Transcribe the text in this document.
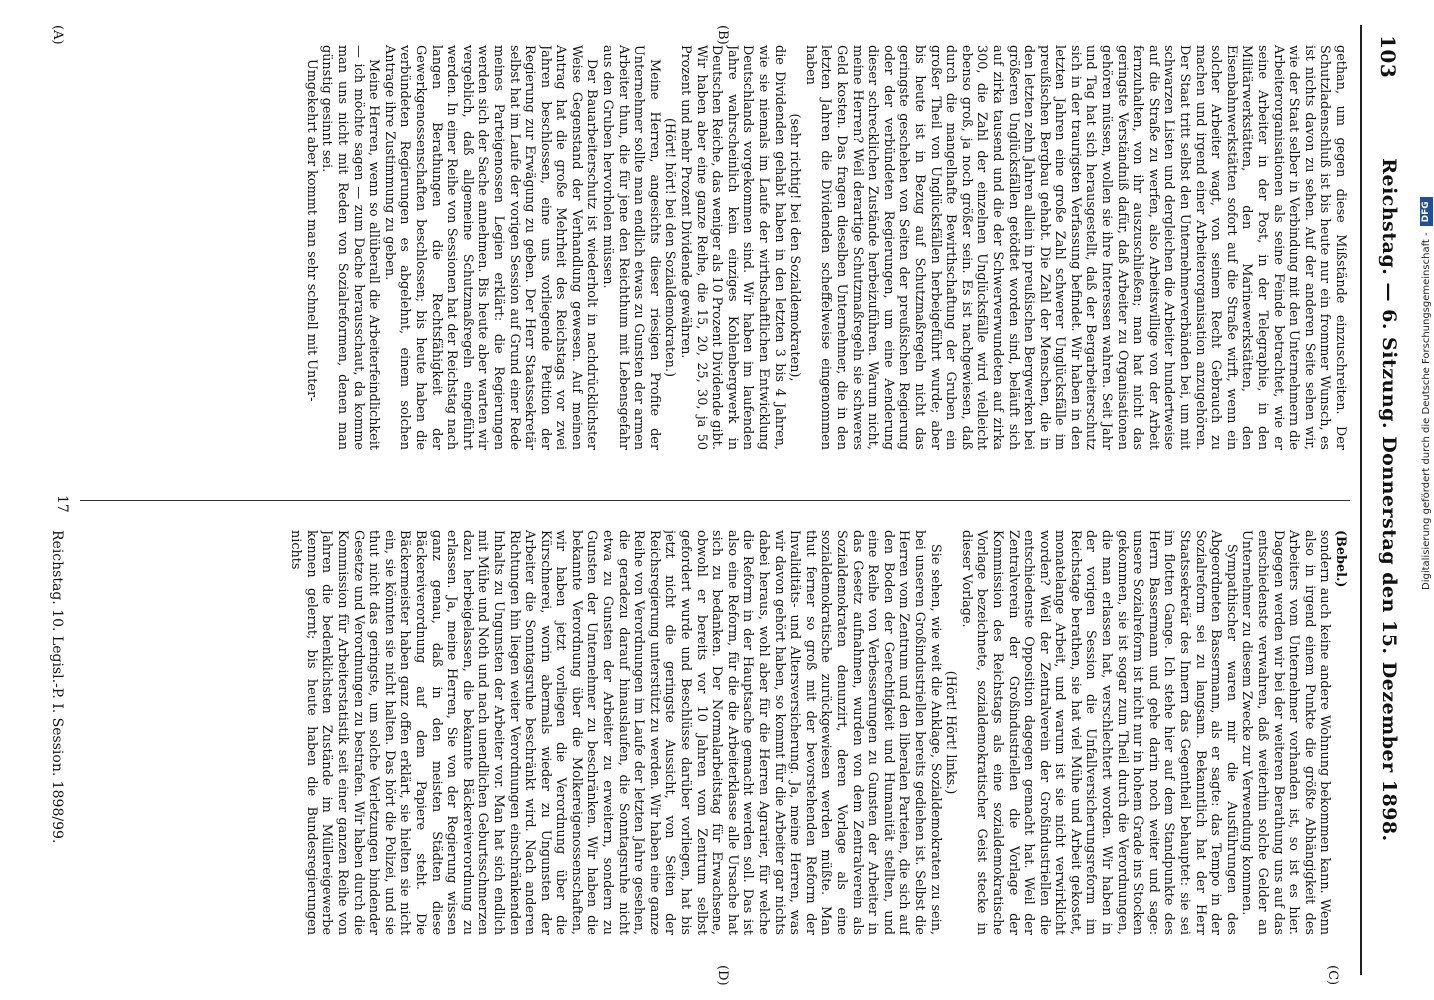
Digitalisierung gefördert durch die Deutsche Forschungsgemeinschaft -
DFG
103
Reichstag. — 6. Sitzung. Donnerstag den 15. Dezember 1898.
(C)
(D)
(A)	(B)

gethan, um gegen diese Mißstände einzuschreiten. Der Schutzladenschluß ist bis heute nur ein frommer Wunsch, es ist nichts davon zu sehen. Auf der anderen Seite sehen wir, wie der Staat selber in Verbindung mit den Unternehmern die Arbeiterorganisationen als seine Feinde betrachtet, wie er seine Arbeiter in der Post, in der Telegraphie, in den Militärwerkstätten, den Marinewerkstätten, den Eisenbahnwerkstätten sofort auf die Straße wirft, wenn ein solcher Arbeiter wagt, von seinem Recht Gebrauch zu machen und irgend einer Arbeiterorganisation anzugehören. Der Staat tritt selbst den Unternehmerverbänden bei, um mit schwarzen Listen und dergleichen die Arbeiter hundertweise auf die Straße zu werfen, also Arbeitswillige von der Arbeit fernzuhalten, von ihr auszuschließen; man hat nicht das geringste Verständniß dafür, daß Arbeiter zu Organisationen gehören müssen, wollen sie ihre Interessen wahren. Seit Jahr und Tag hat sich herausgestellt, daß der Bergarbeiterschutz sich in der traurigsten Verfassung befindet. Wir haben in den letzten Jahren eine große Zahl schwerer Unglücksfälle im preußischen Bergbau gehabt. Die Zahl der Menschen, die in den letzten zehn Jahren allein in preußischen Bergwerken bei größeren Unglücksfällen getödtet worden sind, beläuft sich auf zirka tausend und die der Schwerverwundeten auf zirka 300, die Zahl der einzelnen Unglücksfälle wird vielleicht ebenso groß, ja noch größer sein. Es ist nachgewiesen, daß durch die mangelhafte Bewirthschaftung der Gruben ein großer Theil von Unglücksfällen herbeigeführt wurde; aber bis heute ist in Bezug auf Schutzmaßregeln nicht das geringste geschehen von Seiten der preußischen Regierung oder der verbündeten Regierungen, um eine Aenderung dieser schrecklichen Zustände herbeizuführen. Warum nicht, meine Herren? Weil derartige Schutzmaßregeln sie schweres Geld kosten. Das fragen dieselben Unternehmer, die in den letzten Jahren die Dividenden scheffelweise eingenommen haben

(sehr richtig! bei den Sozialdemokraten),

die Dividenden gehabt haben in den letzten 3 bis 4 Jahren, wie sie niemals im Laufe der wirthschaftlichen Entwicklung Deutschlands vorgekommen sind. Wir haben im laufenden Jahre wahrscheinlich kein einziges Kohlenbergwerk in Deutschen Reiche, das weniger als 10 Prozent Dividende gibt. Wir haben aber eine ganze Reihe, die 15, 20, 25, 30, ja 50 Prozent und mehr Prozent Dividende gewähren.

(Hört! hört! bei den Sozialdemokraten.)

Meine Herren, angesichts dieser riesigen Profite der Unternehmer sollte man endlich etwas zu Gunsten der armen Arbeiter thun, die für jene den Reichthum mit Lebensgefahr aus den Gruben hervorholen müssen.

Der Bauarbeiterschutz ist wiederholt in nachdrücklichster Weise Gegenstand der Verhandlung gewesen. Auf meinen Antrag hat die große Mehrheit des Reichstags vor zwei Jahren beschlossen, eine uns vorliegende Petition der Regierung zur Erwägung zu geben. Der Herr Staatssekretär selbst hat im Laufe der vorigen Session auf Grund einer Rede meines Parteigenossen Legien erklärt: die Regierungen werden sich der Sache annehmen. Bis heute aber warten wir vergeblich, daß allgemeine Schutzmaßregeln eingeführt werden. In einer Reihe von Sessionen hat der Reichstag nach langen Berathungen die Rechtsfähigkeit der Gewerkgenossenschaften beschlossen; bis heute haben die verbündeten Regierungen es abgelehnt, einem solchen Antrage ihre Zustimmung zu geben.

Meine Herren, wenn so allüberall die Arbeiterfeindlichkeit — ich möchte sagen — zum Dache herausschaut, da komme man uns nicht mit Reden von Sozialreformen, denen man günstig gesinnt sei.

Umgekehrt aber kommt man sehr schnell mit Unter-

(Bebel.)

sondern auch keine andere Wohnung bekommen kann. Wenn also in irgend einem Punkte die größte Abhängigkeit des Arbeiters vom Unternehmer vorhanden ist, so ist es hier. Dagegen werden wir bei der weiteren Berathung uns auf das entschiedenste verwahren, daß weiterhin solche Gelder an Unternehmer zu diesem Zwecke zur Verwendung kommen.

Sympathischer waren mir die Ausführungen des Abgeordneten Bassermann, als er sagte: das Tempo in der Sozialreform sei zu langsam. Bekanntlich hat der Herr Staatssekretär des Innern das Gegentheil behauptet: sie sei im flotten Gange. Ich stehe hier auf dem Standpunkte des Herrn Bassermann und gehe darin noch weiter und sage: unsere Sozialreform ist nicht nur in hohem Grade ins Stocken gekommen, sie ist sogar zum Theil durch die Verordnungen, die man erlassen hat, verschlechtert worden. Wir haben in der vorigen Session die Unfallversicherungsreform im Reichstage berathen, sie hat viel Mühe und Arbeit gekostet, monatelange Arbeit, und warum ist sie nicht verwirklicht worden? Weil der Zentralverein der Großindustriellen die entschiedenste Opposition dagegen gemacht hat. Weil der Zentralverein der Großindustriellen die Vorlage der Kommission des Reichstags als eine sozialdemokratische Vorlage bezeichnete, sozialdemokratischer Geist stecke in dieser Vorlage.

(Hört! Hört! links.)

Sie sehen, wie weit die Anklage, Sozialdemokraten zu sein, bei unseren Großindustriellen bereits gediehen ist. Selbst die Herren vom Zentrum und den liberalen Parteien, die sich auf den Boden der Gerechtigkeit und Humanität stellten, und eine Reihe von Verbesserungen zu Gunsten der Arbeiter in das Gesetz aufnahmen, wurden von dem Zentralverein als Sozialdemokraten denunzirt, deren Vorlage als eine sozialdemokratische zurückgewiesen werden müßte. Man thut ferner so groß mit der bevorstehenden Reform der Invaliditäts- und Altersversicherung. Ja, meine Herren, was wir davon gehört haben, so kommt für die Arbeiter gar nichts dabei heraus, wohl aber für die Herren Agrarier, für welche die Reform in der Hauptsache gemacht werden soll. Das ist also eine Reform, für die die Arbeiterklasse alle Ursache hat sich zu bedanken. Der Normalarbeitstag für Erwachsene, obwohl er bereits vor 10 Jahren vom Zentrum selbst gefordert wurde und Beschlüsse darüber vorliegen, hat bis jetzt nicht die geringste Aussicht, von Seiten der Reichsregierung unterstützt zu werden. Wir haben eine ganze Reihe von Verordnungen im Laufe der letzten Jahre gesehen, die geradezu darauf hinauslaufen, die Sonntagsruhe nicht etwa zu Gunsten der Arbeiter zu erweitern, sondern zu Gunsten der Unternehmer zu beschränken. Wir haben die bekannte Verordnung über die Molkereigenossenschaften, wir haben jetzt vorliegen die Verordnung über die Kürschnerei, worin abermals wieder zu Ungunsten der Arbeiter die Sonntagsruhe beschränkt wird. Nach anderen Richtungen hin liegen weiter Verordnungen einschränkenden Inhalts zu Ungunsten der Arbeiter vor. Man hat sich endlich mit Mühe und Noth und nach unendlichen Geburtsschmerzen dazu herbeigelassen, die bekannte Bäckereiverordnung zu erlassen. Ja, meine Herren, Sie von der Regierung wissen ganz genau, daß in den meisten Städten diese Bäckereiverordnung auf dem Papiere steht. Die Bäckermeister haben ganz offen erklärt, sie hielten sie nicht ein, sie könnten sie nicht halten. Das hört die Polizei, und sie thut nicht das geringste, um solche Verletzungen bindender Gesetze und Verordnungen zu bestrafen. Wir haben durch die Kommission für Arbeiterstatistik seit einer ganzen Reihe von Jahren die bedenklichsten Zustände im Müllereigewerbe kennen gelernt; bis heute haben die Bundesregierungen nichts

Reichstag. 10. Legisl.-P. I. Session. 1898/99.
17
